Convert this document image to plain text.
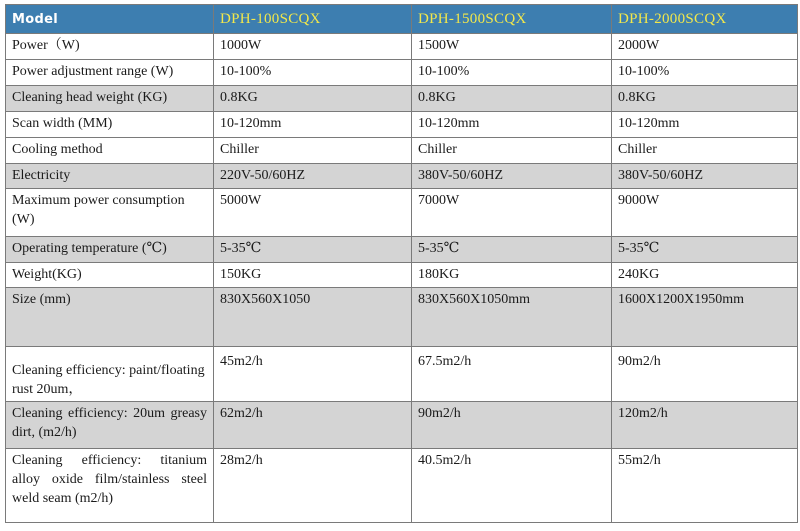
Model	DPH-100SCQX	DPH-1500SCQX	DPH-2000SCQX
Power（W)	1000W	1500W	2000W
Power adjustment range (W)	10-100%	10-100%	10-100%
Cleaning head weight (KG)	0.8KG	0.8KG	0.8KG
Scan width (MM)	10-120mm	10-120mm	10-120mm
Cooling method	Chiller	Chiller	Chiller
Electricity	220V-50/60HZ	380V-50/60HZ	380V-50/60HZ
Maximum power consumption (W)	5000W	7000W	9000W
Operating temperature (℃)	5-35℃	5-35℃	5-35℃
Weight(KG)	150KG	180KG	240KG
Size (mm)	830X560X1050	830X560X1050mm	1600X1200X1950mm
Cleaning efficiency: paint/floating rust 20um，	45m2/h	67.5m2/h	90m2/h
Cleaning efficiency: 20um greasy dirt, (m2/h)	62m2/h	90m2/h	120m2/h
Cleaning efficiency: titanium alloy oxide film/stainless steel weld seam (m2/h)	28m2/h	40.5m2/h	55m2/h
